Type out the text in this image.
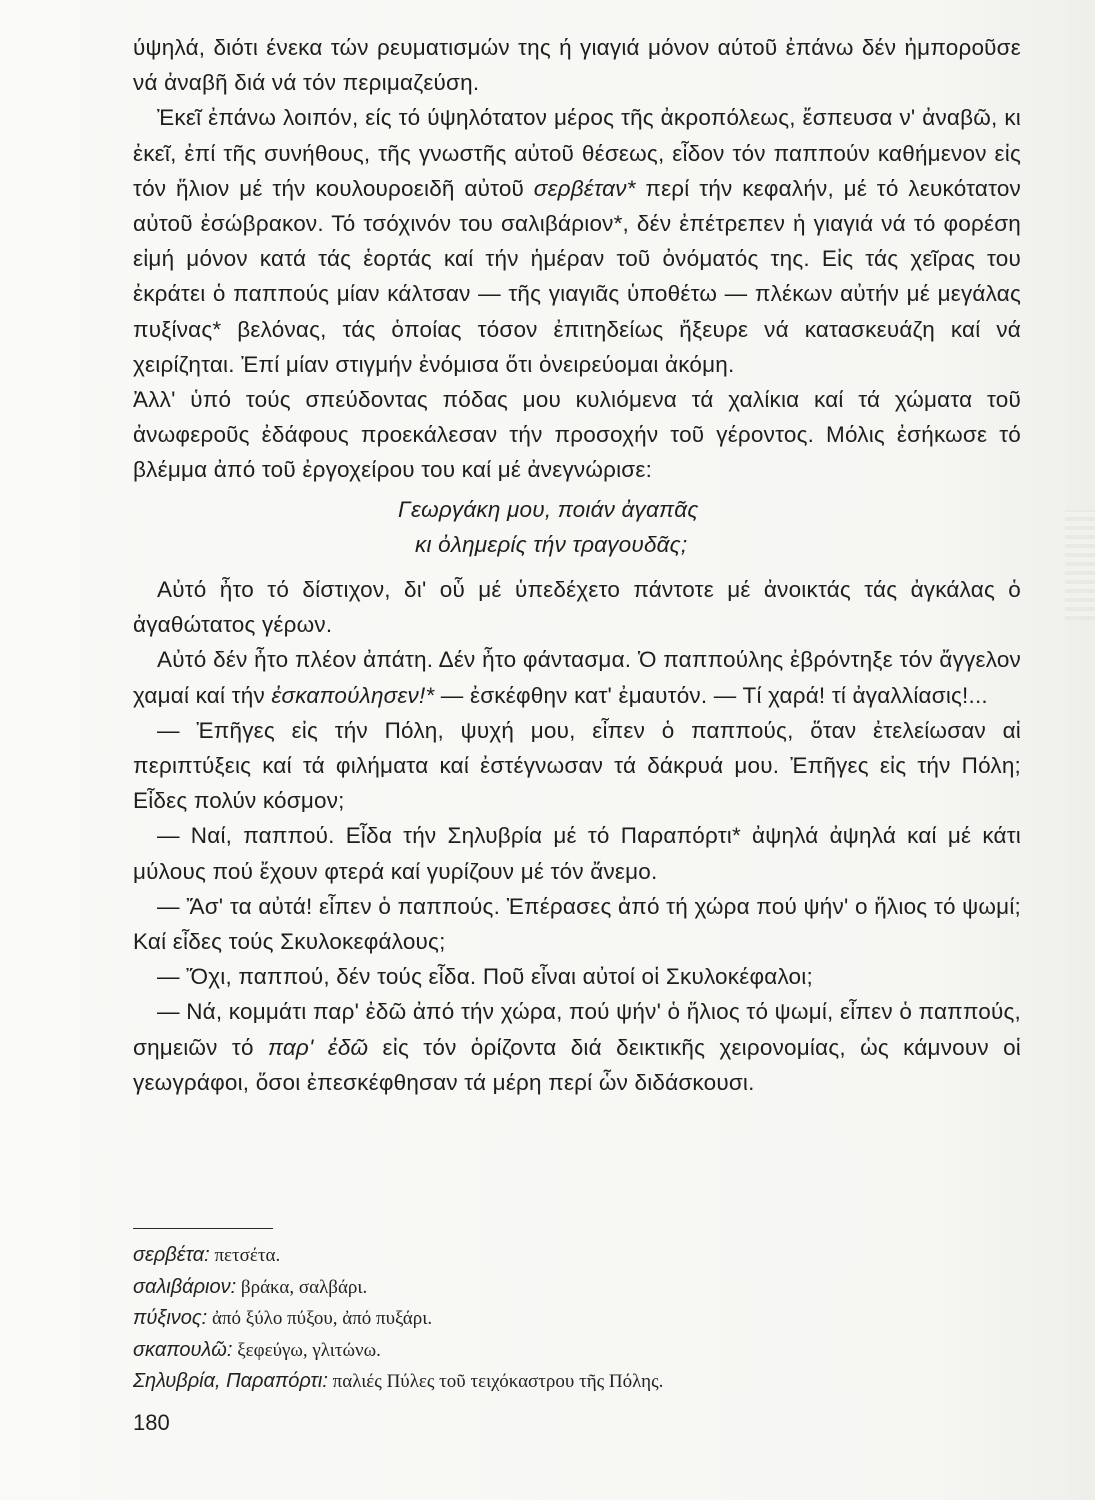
ύψηλά, διότι ένεκα τών ρευματισμών της ή γιαγιά μόνον αύτοῦ ἐπάνω δέν ἠμποροῦσε νά ἀναβῆ διά νά τόν περιμαζεύση.

Ἐκεῖ ἐπάνω λοιπόν, είς τό ύψηλότατον μέρος τῆς ἀκροπόλεως, ἔσπευσα ν' ἀναβῶ, κι ἐκεῖ, ἐπί τῆς συνήθους, τῆς γνωστῆς αὐτοῦ θέσεως, εἶδον τόν παππούν καθήμενον εἰς τόν ἥλιον μέ τήν κουλουροειδῆ αὐτοῦ σερβέταν* περί τήν κεφαλήν, μέ τό λευκότατον αὐτοῦ ἐσώβρακον. Τό τσόχινόν του σαλιβάριον*, δέν ἐπέτρεπεν ἡ γιαγιά νά τό φορέση εἰμή μόνον κατά τάς ἑορτάς καί τήν ἡμέραν τοῦ ὀνόματός της. Εἰς τάς χεῖρας του ἐκράτει ὁ παππούς μίαν κάλτσαν — τῆς γιαγιᾶς ὑποθέτω — πλέκων αὐτήν μέ μεγάλας πυξίνας* βελόνας, τάς ὁποίας τόσον ἐπιτηδείως ἤξευρε νά κατασκευάζη καί νά χειρίζηται. Ἐπί μίαν στιγμήν ἐνόμισα ὅτι ὀνειρεύομαι ἀκόμη.

Ἀλλ' ὑπό τούς σπεύδοντας πόδας μου κυλιόμενα τά χαλίκια καί τά χώματα τοῦ ἀνωφεροῦς ἐδάφους προεκάλεσαν τήν προσοχήν τοῦ γέροντος. Μόλις ἐσήκωσε τό βλέμμα ἀπό τοῦ ἐργοχείρου του καί μέ ἀνεγνώρισε:

Γεωργάκη μου, ποιάν ἀγαπᾶς
κι ὀλημερίς τήν τραγουδᾶς;

Αὐτό ἦτο τό δίστιχον, δι' οὗ μέ ὑπεδέχετο πάντοτε μέ ἀνοικτάς τάς ἀγκάλας ὁ ἀγαθώτατος γέρων.

Αὐτό δέν ἦτο πλέον ἀπάτη. Δέν ἦτο φάντασμα. Ὁ παππούλης ἐβρόντηξε τόν ἄγγελον χαμαί καί τήν ἐσκαπούλησεν!* — ἐσκέφθην κατ' ἐμαυτόν. — Τί χαρά! τί ἀγαλλίασις!...

— Ἐπῆγες εἰς τήν Πόλη, ψυχή μου, εἶπεν ὁ παππούς, ὅταν ἐτελείωσαν αἱ περιπτύξεις καί τά φιλήματα καί ἐστέγνωσαν τά δάκρυά μου. Ἐπῆγες εἰς τήν Πόλη; Εἶδες πολύν κόσμον;

— Ναί, παππού. Εἶδα τήν Σηλυβρία μέ τό Παραπόρτι* ἀψηλά ἀψηλά καί μέ κάτι μύλους πού ἔχουν φτερά καί γυρίζουν μέ τόν ἄνεμο.

— Ἄσ' τα αὐτά! εἶπεν ὁ παππούς. Ἐπέρασες ἀπό τή χώρα πού ψήν' ο ἥλιος τό ψωμί; Καί εἶδες τούς Σκυλοκεφάλους;

— Ὄχι, παππού, δέν τούς εἶδα. Ποῦ εἶναι αὐτοί οἱ Σκυλοκέφαλοι;

— Νά, κομμάτι παρ' ἐδῶ ἀπό τήν χώρα, πού ψήν' ὁ ἥλιος τό ψωμί, εἶπεν ὁ παππούς, σημειῶν τό παρ' ἐδῶ εἰς τόν ὁρίζοντα διά δεικτικῆς χειρονομίας, ὡς κάμνουν οἱ γεωγράφοι, ὅσοι ἐπεσκέφθησαν τά μέρη περί ὧν διδάσκουσι.

σερβέτα: πετσέτα.
σαλιβάριον: βράκα, σαλβάρι.
πύξινος: ἀπό ξύλο πύξου, ἀπό πυξάρι.
σκαπουλῶ: ξεφεύγω, γλιτώνω.
Σηλυβρία, Παραπόρτι: παλιές Πύλες τοῦ τειχόκαστρου τῆς Πόλης.
180
